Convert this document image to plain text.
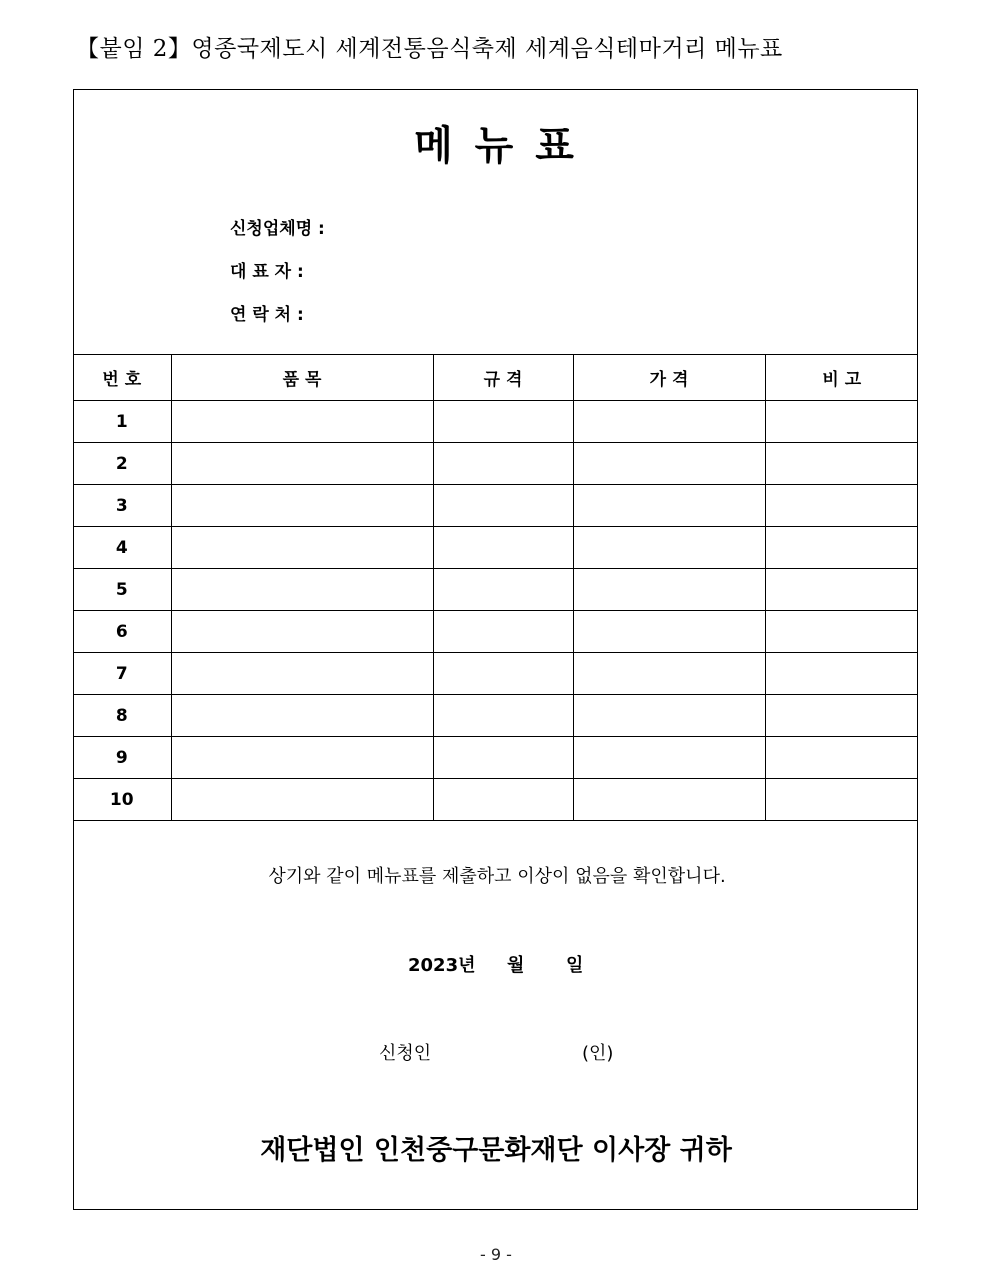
【붙임 2】영종국제도시 세계전통음식축제 세계음식테마거리 메뉴표
메 뉴 표
신청업체명 :
대 표 자 :
연 락 처 :
번 호	품 목	규 격	가 격	비 고
1				
2				
3				
4				
5				
6				
7				
8				
9				
10				
상기와 같이 메뉴표를 제출하고 이상이 없음을 확인합니다.
2023년 월 일
신청인	(인)
재단법인 인천중구문화재단 이사장 귀하
- 9 -
